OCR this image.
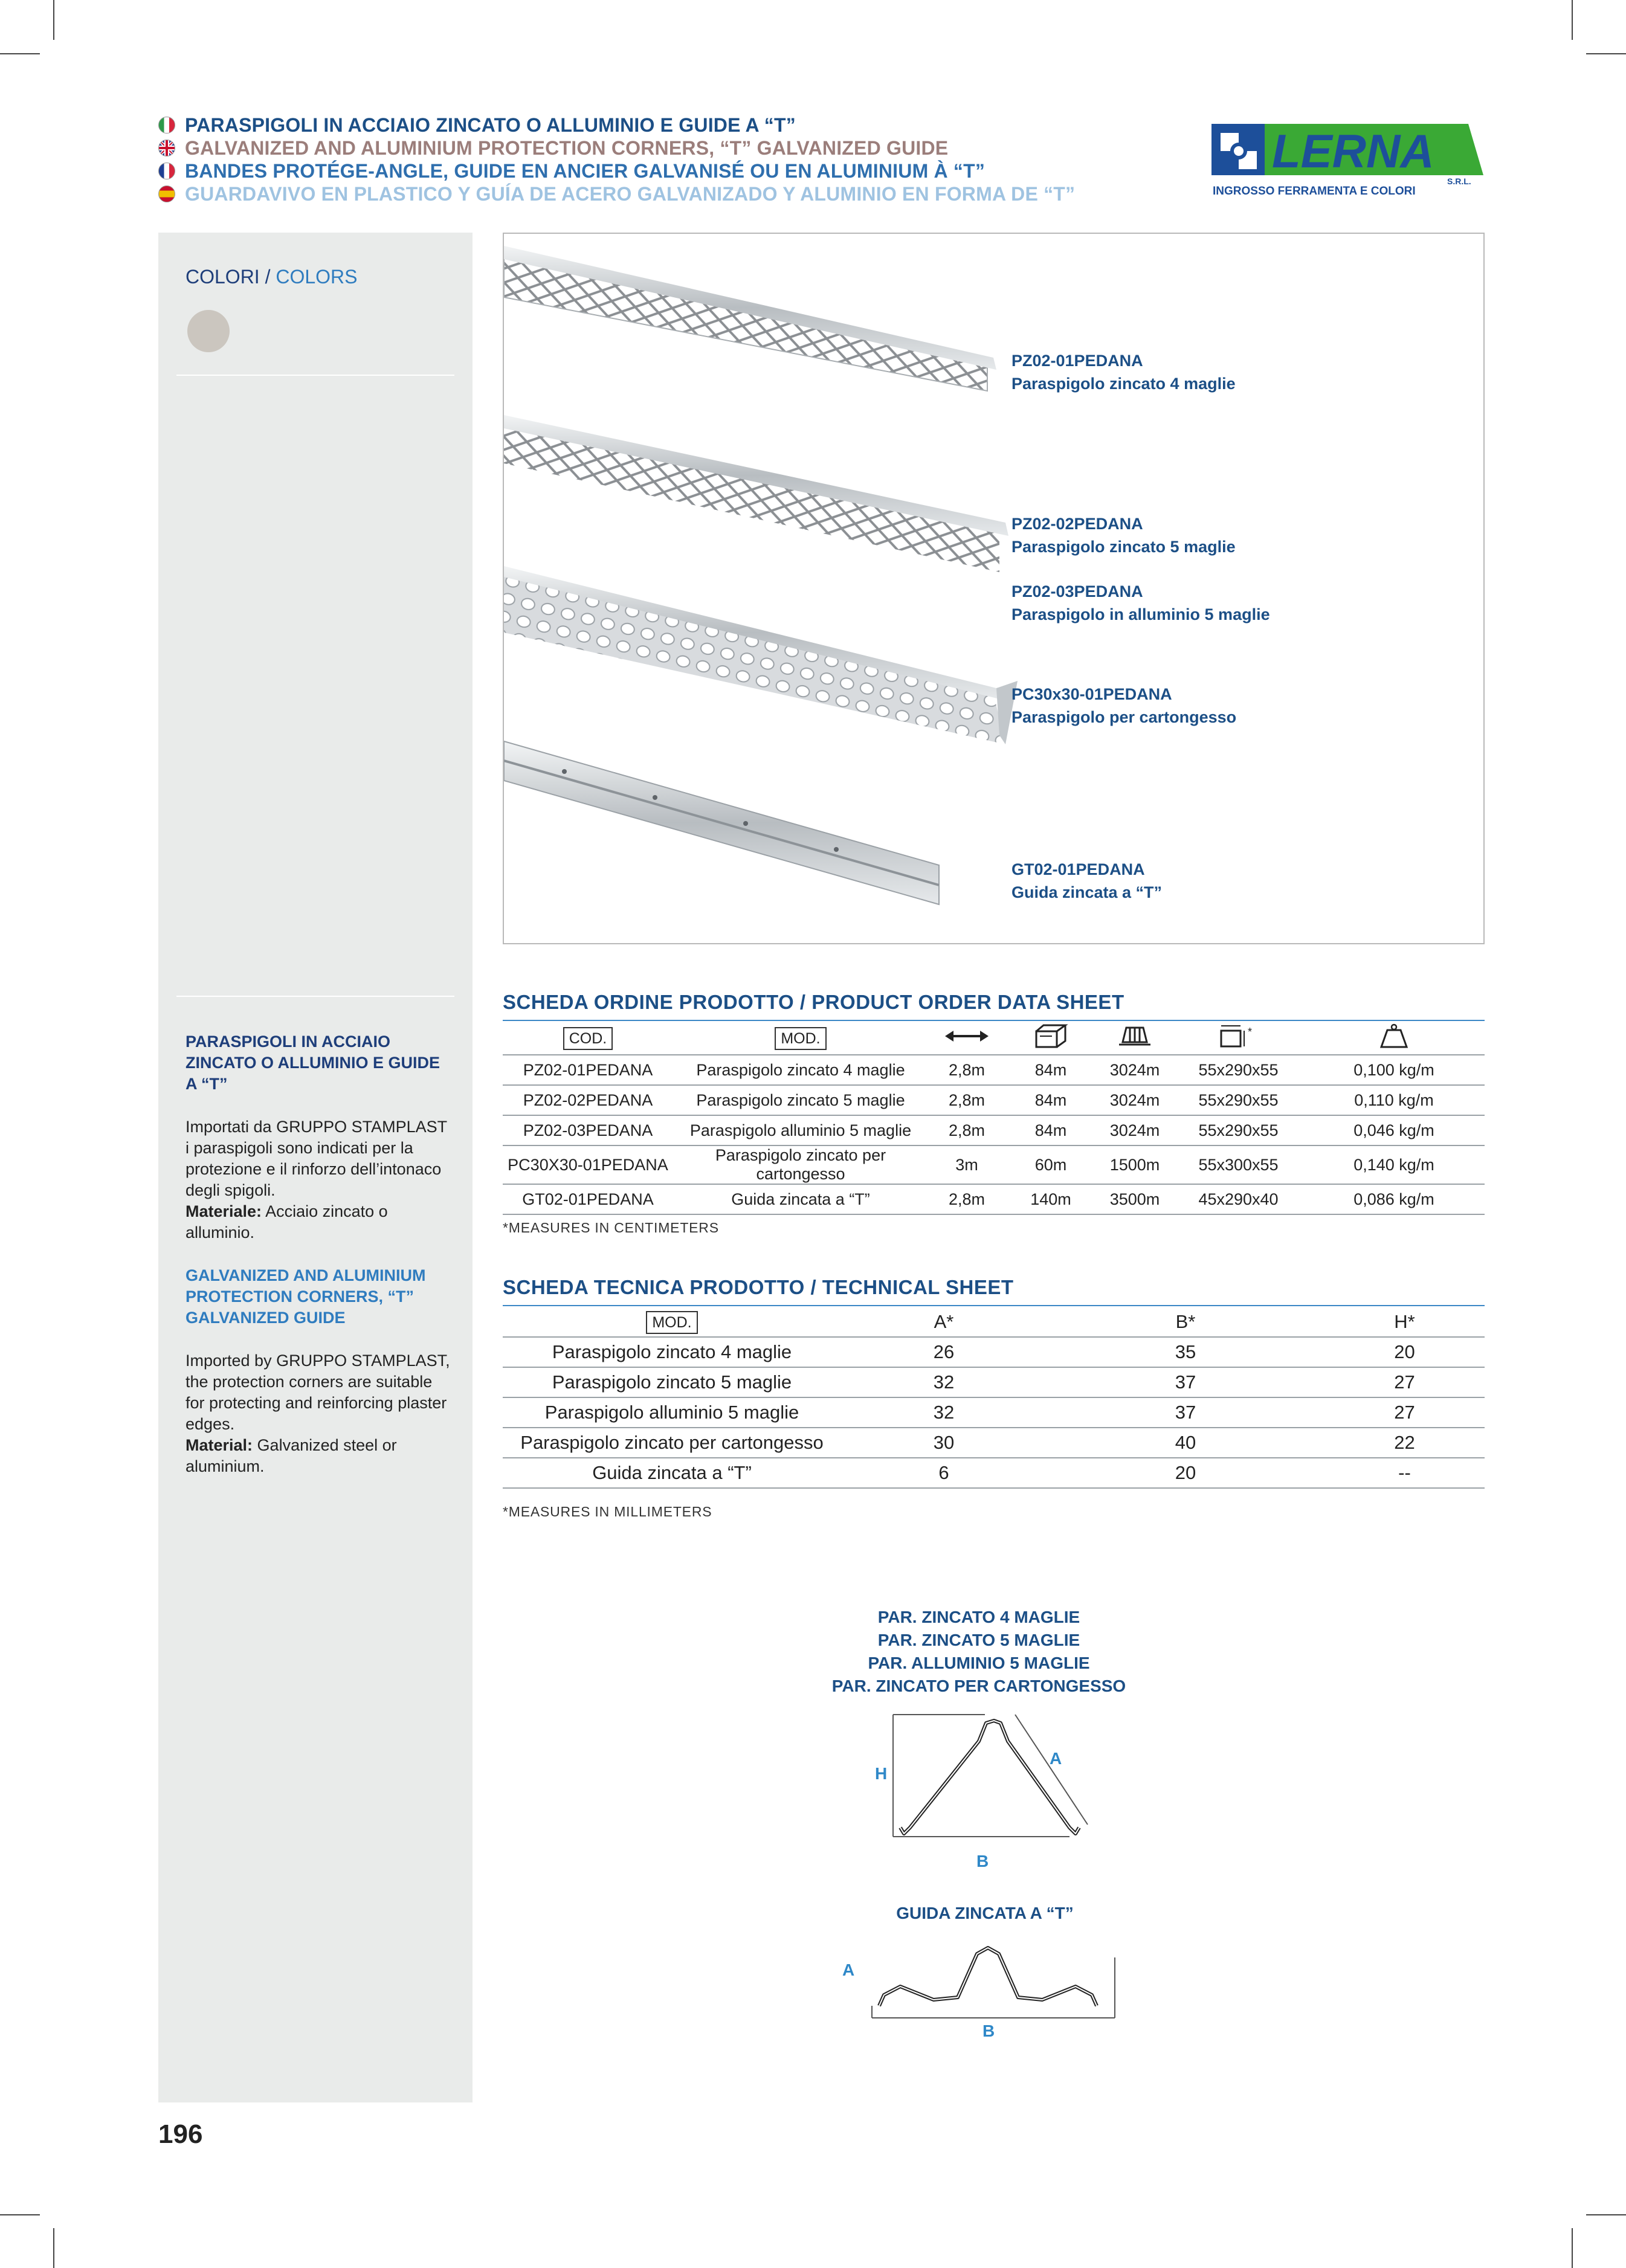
PARASPIGOLI IN ACCIAIO ZINCATO O ALLUMINIO E GUIDE A “T”
GALVANIZED AND ALUMINIUM PROTECTION CORNERS, “T” GALVANIZED GUIDE
BANDES PROTÉGE-ANGLE, GUIDE EN ANCIER GALVANISÉ OU EN ALUMINIUM À “T”
GUARDAVIVO EN PLASTICO Y GUÍA DE ACERO GALVANIZADO Y ALUMINIO EN FORMA DE “T”
LERNA
S.R.L.
INGROSSO FERRAMENTA E COLORI
COLORI / COLORS
PARASPIGOLI IN ACCIAIO ZINCATO O ALLUMINIO E GUIDE A “T”
Importati da GRUPPO STAMPLAST i paraspigoli sono indicati per la protezione e il rinforzo dell’intonaco degli spigoli.
Materiale: Acciaio zincato o alluminio.
GALVANIZED AND ALUMINIUM PROTECTION CORNERS, “T” GALVANIZED GUIDE
Imported by GRUPPO STAMPLAST, the protection corners are suitable for protecting and reinforcing plaster edges.
Material: Galvanized steel or aluminium.
PZ02-01PEDANA
Paraspigolo zincato 4 maglie
PZ02-02PEDANA
Paraspigolo zincato 5 maglie
PZ02-03PEDANA
Paraspigolo in alluminio 5 maglie
PC30x30-01PEDANA
Paraspigolo per cartongesso
GT02-01PEDANA
Guida zincata a “T”
SCHEDA ORDINE PRODOTTO / PRODUCT ORDER DATA SHEET
COD.	MOD.				*

PZ02-01PEDANA	Paraspigolo zincato 4 maglie	2,8m	84m	3024m	55x290x55	0,100 kg/m
PZ02-02PEDANA	Paraspigolo zincato 5 maglie	2,8m	84m	3024m	55x290x55	0,110 kg/m
PZ02-03PEDANA	Paraspigolo alluminio 5 maglie	2,8m	84m	3024m	55x290x55	0,046 kg/m
PC30X30-01PEDANA	Paraspigolo zincato per cartongesso	3m	60m	1500m	55x300x55	0,140 kg/m
GT02-01PEDANA	Guida zincata a “T”	2,8m	140m	3500m	45x290x40	0,086 kg/m
*MEASURES IN CENTIMETERS
SCHEDA TECNICA PRODOTTO / TECHNICAL SHEET
MOD.	A*	B*	H*
Paraspigolo zincato 4 maglie	26	35	20
Paraspigolo zincato 5 maglie	32	37	27
Paraspigolo alluminio 5 maglie	32	37	27
Paraspigolo zincato per cartongesso	30	40	22
Guida zincata a “T”	6	20	--
*MEASURES IN MILLIMETERS
PAR. ZINCATO 4 MAGLIE
PAR. ZINCATO 5 MAGLIE
PAR. ALLUMINIO 5 MAGLIE
PAR. ZINCATO PER CARTONGESSO
H
A
B
GUIDA ZINCATA A “T”
A
B
196
